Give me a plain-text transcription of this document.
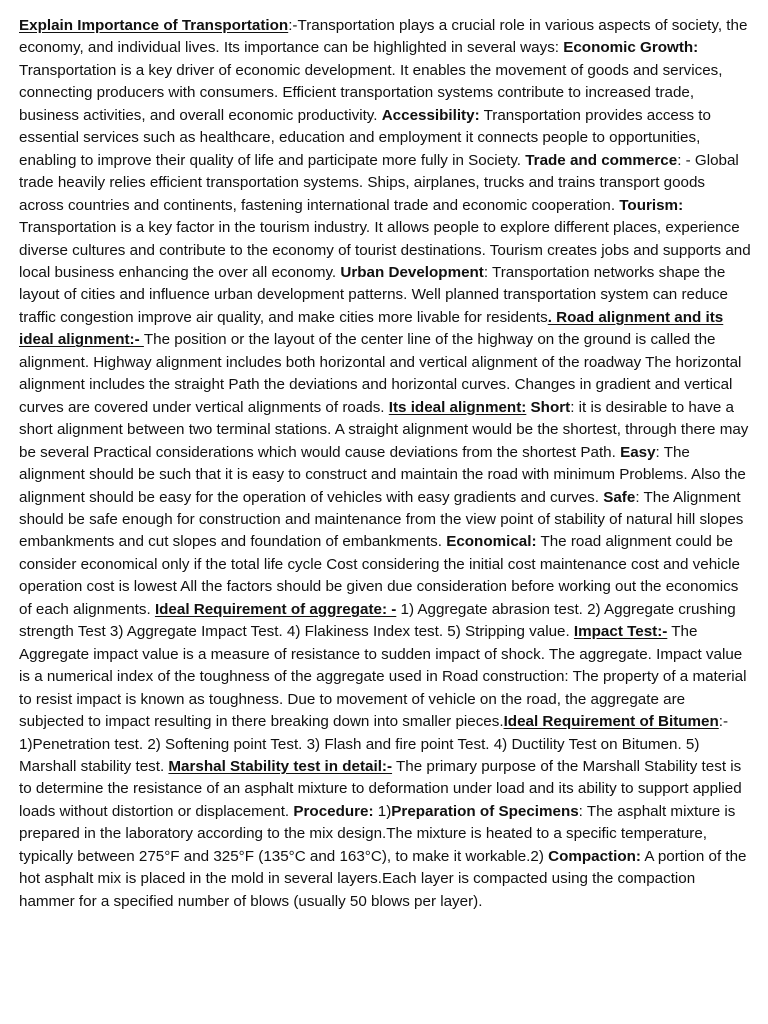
Explain Importance of Transportation:-Transportation plays a crucial role in various aspects of society, the economy, and individual lives. Its importance can be highlighted in several ways: Economic Growth: Transportation is a key driver of economic development. It enables the movement of goods and services, connecting producers with consumers. Efficient transportation systems contribute to increased trade, business activities, and overall economic productivity. Accessibility: Transportation provides access to essential services such as healthcare, education and employment it connects people to opportunities, enabling to improve their quality of life and participate more fully in Society. Trade and commerce: - Global trade heavily relies efficient transportation systems. Ships, airplanes, trucks and trains transport goods across countries and continents, fastening international trade and economic cooperation. Tourism: Transportation is a key factor in the tourism industry. It allows people to explore different places, experience diverse cultures and contribute to the economy of tourist destinations. Tourism creates jobs and supports and local business enhancing the over all economy. Urban Development: Transportation networks shape the layout of cities and influence urban development patterns. Well planned transportation system can reduce traffic congestion improve air quality, and make cities more livable for residents. Road alignment and its ideal alignment:- The position or the layout of the center line of the highway on the ground is called the alignment. Highway alignment includes both horizontal and vertical alignment of the roadway The horizontal alignment includes the straight Path the deviations and horizontal curves. Changes in gradient and vertical curves are covered under vertical alignments of roads. Its ideal alignment: Short: it is desirable to have a short alignment between two terminal stations. A straight alignment would be the shortest, through there may be several Practical considerations which would cause deviations from the shortest Path. Easy: The alignment should be such that it is easy to construct and maintain the road with minimum Problems. Also the alignment should be easy for the operation of vehicles with easy gradients and curves. Safe: The Alignment should be safe enough for construction and maintenance from the view point of stability of natural hill slopes embankments and cut slopes and foundation of embankments. Economical: The road alignment could be consider economical only if the total life cycle Cost considering the initial cost maintenance cost and vehicle operation cost is lowest All the factors should be given due consideration before working out the economics of each alignments. Ideal Requirement of aggregate: - 1) Aggregate abrasion test. 2) Aggregate crushing strength Test 3) Aggregate Impact Test. 4) Flakiness Index test. 5) Stripping value. Impact Test:- The Aggregate impact value is a measure of resistance to sudden impact of shock. The aggregate. Impact value is a numerical index of the toughness of the aggregate used in Road construction: The property of a material to resist impact is known as toughness. Due to movement of vehicle on the road, the aggregate are subjected to impact resulting in there breaking down into smaller pieces.Ideal Requirement of Bitumen:- 1)Penetration test. 2) Softening point Test. 3) Flash and fire point Test. 4) Ductility Test on Bitumen. 5) Marshall stability test. Marshal Stability test in detail:- The primary purpose of the Marshall Stability test is to determine the resistance of an asphalt mixture to deformation under load and its ability to support applied loads without distortion or displacement. Procedure: 1)Preparation of Specimens: The asphalt mixture is prepared in the laboratory according to the mix design.The mixture is heated to a specific temperature, typically between 275°F and 325°F (135°C and 163°C), to make it workable.2) Compaction: A portion of the hot asphalt mix is placed in the mold in several layers.Each layer is compacted using the compaction hammer for a specified number of blows (usually 50 blows per layer).
